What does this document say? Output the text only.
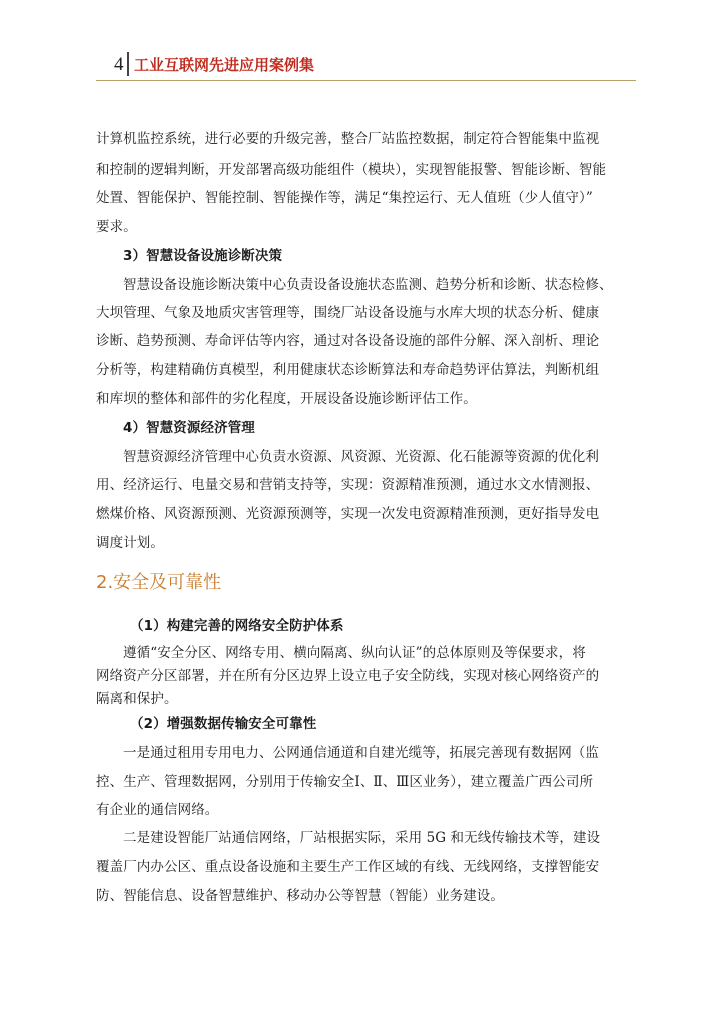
4 工业互联网先进应用案例集
计算机监控系统，进行必要的升级完善，整合厂站监控数据，制定符合智能集中监视
和控制的逻辑判断，开发部署高级功能组件（模块），实现智能报警、智能诊断、智能
处置、智能保护、智能控制、智能操作等，满足“集控运行、无人值班（少人值守）”
要求。
3）智慧设备设施诊断决策
智慧设备设施诊断决策中心负责设备设施状态监测、趋势分析和诊断、状态检修、
大坝管理、气象及地质灾害管理等，围绕厂站设备设施与水库大坝的状态分析、健康
诊断、趋势预测、寿命评估等内容，通过对各设备设施的部件分解、深入剖析、理论
分析等，构建精确仿真模型，利用健康状态诊断算法和寿命趋势评估算法，判断机组
和库坝的整体和部件的劣化程度，开展设备设施诊断评估工作。
4）智慧资源经济管理
智慧资源经济管理中心负责水资源、风资源、光资源、化石能源等资源的优化利
用、经济运行、电量交易和营销支持等，实现：资源精准预测，通过水文水情测报、
燃煤价格、风资源预测、光资源预测等，实现一次发电资源精准预测，更好指导发电
调度计划。
2.安全及可靠性
（1）构建完善的网络安全防护体系
遵循“安全分区、网络专用、横向隔离、纵向认证”的总体原则及等保要求，将
网络资产分区部署，并在所有分区边界上设立电子安全防线，实现对核心网络资产的
隔离和保护。
（2）增强数据传输安全可靠性
一是通过租用专用电力、公网通信通道和自建光缆等，拓展完善现有数据网（监
控、生产、管理数据网，分别用于传输安全Ⅰ、Ⅱ、Ⅲ区业务），建立覆盖广西公司所
有企业的通信网络。
二是建设智能厂站通信网络，厂站根据实际，采用 5G 和无线传输技术等，建设
覆盖厂内办公区、重点设备设施和主要生产工作区域的有线、无线网络，支撑智能安
防、智能信息、设备智慧维护、移动办公等智慧（智能）业务建设。
